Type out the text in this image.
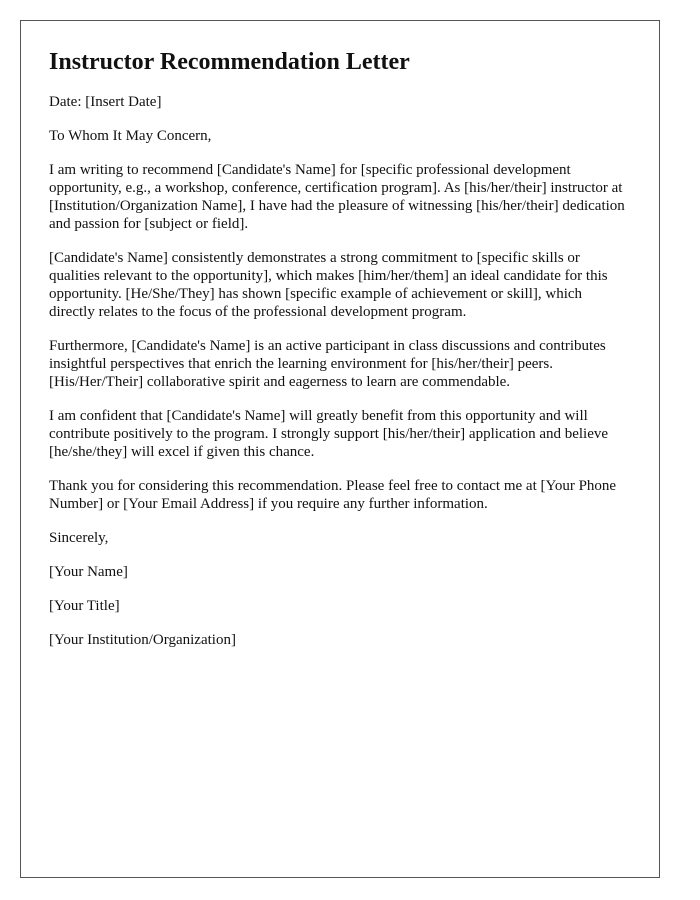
Instructor Recommendation Letter

Date: [Insert Date]

To Whom It May Concern,

I am writing to recommend [Candidate's Name] for [specific professional development opportunity, e.g., a workshop, conference, certification program]. As [his/her/their] instructor at [Institution/Organization Name], I have had the pleasure of witnessing [his/her/their] dedication and passion for [subject or field].

[Candidate's Name] consistently demonstrates a strong commitment to [specific skills or qualities relevant to the opportunity], which makes [him/her/them] an ideal candidate for this opportunity. [He/She/They] has shown [specific example of achievement or skill], which directly relates to the focus of the professional development program.

Furthermore, [Candidate's Name] is an active participant in class discussions and contributes insightful perspectives that enrich the learning environment for [his/her/their] peers. [His/Her/Their] collaborative spirit and eagerness to learn are commendable.

I am confident that [Candidate's Name] will greatly benefit from this opportunity and will contribute positively to the program. I strongly support [his/her/their] application and believe [he/she/they] will excel if given this chance.

Thank you for considering this recommendation. Please feel free to contact me at [Your Phone Number] or [Your Email Address] if you require any further information.

Sincerely,

[Your Name]

[Your Title]

[Your Institution/Organization]
